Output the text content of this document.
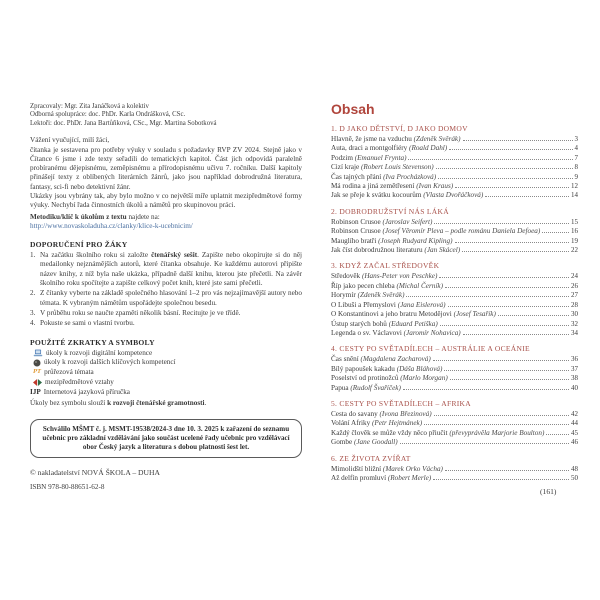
Zpracovaly: Mgr. Zita Janáčková a kolektiv
Odborná spolupráce: doc. PhDr. Karla Ondrášková, CSc.
Lektoři: doc. PhDr. Jana Bartůňková, CSc., Mgr. Martina Sobotková
Vážení vyučující, milí žáci,
čítanka je sestavena pro potřeby výuky v souladu s požadavky RVP ZV 2024. Stejně jako v Čítance 6 jsme i zde texty seřadili do tematických kapitol. Část jich odpovídá paralelně probíranému dějepisnému, zeměpisnému a přírodopisnému učivu 7. ročníku. Další kapitoly přinášejí texty z oblíbených literárních žánrů, jako jsou například dobrodružná literatura, fantasy, sci-fi nebo detektivní žánr.
Ukázky jsou vybrány tak, aby bylo možno v co největší míře uplatnit mezipředmětové formy výuky. Nechybí řada činnostních úkolů a námětů pro skupinovou práci.
Metodiku/klíč k úkolům z textu najdete na:
http://www.novaskoladuha.cz/clanky/klice-k-ucebnicim/
DOPORUČENÍ PRO ŽÁKY
1. Na začátku školního roku si založte čtenářský sešit. Zapište nebo okopírujte si do něj medailonky nejznámějších autorů, které čítanka obsahuje. Ke každému autorovi připište název knihy, z níž byla naše ukázka, případně další knihu, kterou jste přečetli. Na závěr školního roku spočítejte a zapište celkový počet knih, které jste sami přečetli.
2. Z čítanky vyberte na základě společného hlasování 1–2 pro vás nejzajímavější autory nebo témata. K vybraným námětům uspořádejte společnou besedu.
3. V průběhu roku se naučte zpaměti několik básní. Recitujte je ve třídě.
4. Pokuste se sami o vlastní tvorbu.
POUŽITÉ ZKRATKY A SYMBOLY
úkoly k rozvoji digitální kompetence
úkoly k rozvoji dalších klíčových kompetencí
PT průřezová témata
mezipředmětové vztahy
IJP Internetová jazyková příručka
Úkoly bez symbolu slouží k rozvoji čtenářské gramotnosti.
Schválilo MŠMT č. j. MSMT-19538/2024-3 dne 10. 3. 2025 k zařazení do seznamu učebnic pro základní vzdělávání jako součást ucelené řady učebnic pro vzdělávací obor Český jazyk a literatura s dobou platnosti šest let.
© nakladatelství NOVÁ ŠKOLA – DUHA
ISBN 978-80-88651-62-8
Obsah
1. D JAKO DĚTSTVÍ, D JAKO DOMOV
Hlavně, že jsme na vzduchu (Zdeněk Svěrák)	3
Auta, draci a montgolfiéry (Roald Dahl)	4
Podzim (Emanuel Frynta)	7
Cizí kraje (Robert Louis Stevenson)	8
Čas tajných přání (Iva Procházková)	9
Má rodina a jiná zemětřesení (Ivan Kraus)	12
Jak se přeje k svátku kocourům (Vlasta Dvořáčková)	14
2. DOBRODRUŽSTVÍ NÁS LÁKÁ
Robinson Crusoe (Jaroslav Seifert)	15
Robinson Crusoe (Josef Věromír Pleva – podle románu Daniela Defoea)	16
Mauglího bratři (Joseph Rudyard Kipling)	19
Jak číst dobrodružnou literaturu (Jan Skácel)	22
3. KDYŽ ZAČAL STŘEDOVĚK
Středověk (Hans-Peter von Peschke)	24
Říp jako pecen chleba (Michal Černík)	26
Horymír (Zdeněk Svěrák)	27
O Libuši a Přemyslovi (Jana Eislerová)	28
O Konstantinovi a jeho bratru Metodějovi (Josef Tesařík)	30
Ústup starých bohů (Eduard Petiška)	32
Legenda o sv. Václavovi (Jaromír Nohavica)	34
4. CESTY PO SVĚTADÍLECH – AUSTRÁLIE A OCEÁNIE
Čas snění (Magdalena Zacharová)	36
Bílý papoušek kakadu (Dáša Bláhová)	37
Poselství od protinožců (Marlo Morgan)	38
Papua (Rudolf Švaříček)	40
5. CESTY PO SVĚTADÍLECH – AFRIKA
Cesta do savany (Ivona Březinová)	42
Volání Afriky (Petr Hejtmánek)	44
Každý člověk se může vždy něco přiučit (převyprávěla Marjorie Boulton)	45
Gombe (Jane Goodall)	46
6. ZE ŽIVOTA ZVÍŘAT
Mimolidští bližní (Marek Orko Vácha)	48
Až delfín promluví (Robert Merle)	50
(161)
